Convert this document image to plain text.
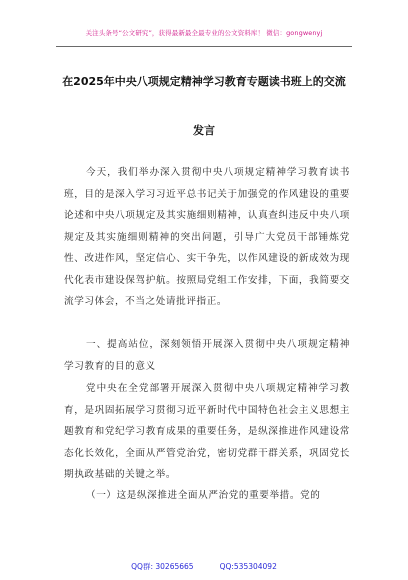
关注头条号“公文研究”，获得最新最全最专业的公文资料库！ 微信：gongwenyj
在2025年中央八项规定精神学习教育专题读书班上的交流
发言

今天，我们举办深入贯彻中央八项规定精神学习教育读书班，目的是深入学习习近平总书记关于加强党的作风建设的重要论述和中央八项规定及其实施细则精神，认真查纠违反中央八项规定及其实施细则精神的突出问题，引导广大党员干部锤炼党性、改进作风，坚定信心、实干争先，以作风建设的新成效为现代化表市建设保驾护航。按照局党组工作安排，下面，我简要交流学习体会，不当之处请批评指正。

一、提高站位，深刻领悟开展深入贯彻中央八项规定精神学习教育的目的意义

党中央在全党部署开展深入贯彻中央八项规定精神学习教育，是巩固拓展学习贯彻习近平新时代中国特色社会主义思想主题教育和党纪学习教育成果的重要任务，是纵深推进作风建设常态化长效化，全面从严管党治党，密切党群干群关系，巩固党长期执政基础的关键之举。

（一）这是纵深推进全面从严治党的重要举措。党的

QQ群: 30265665	QQ:535304092
